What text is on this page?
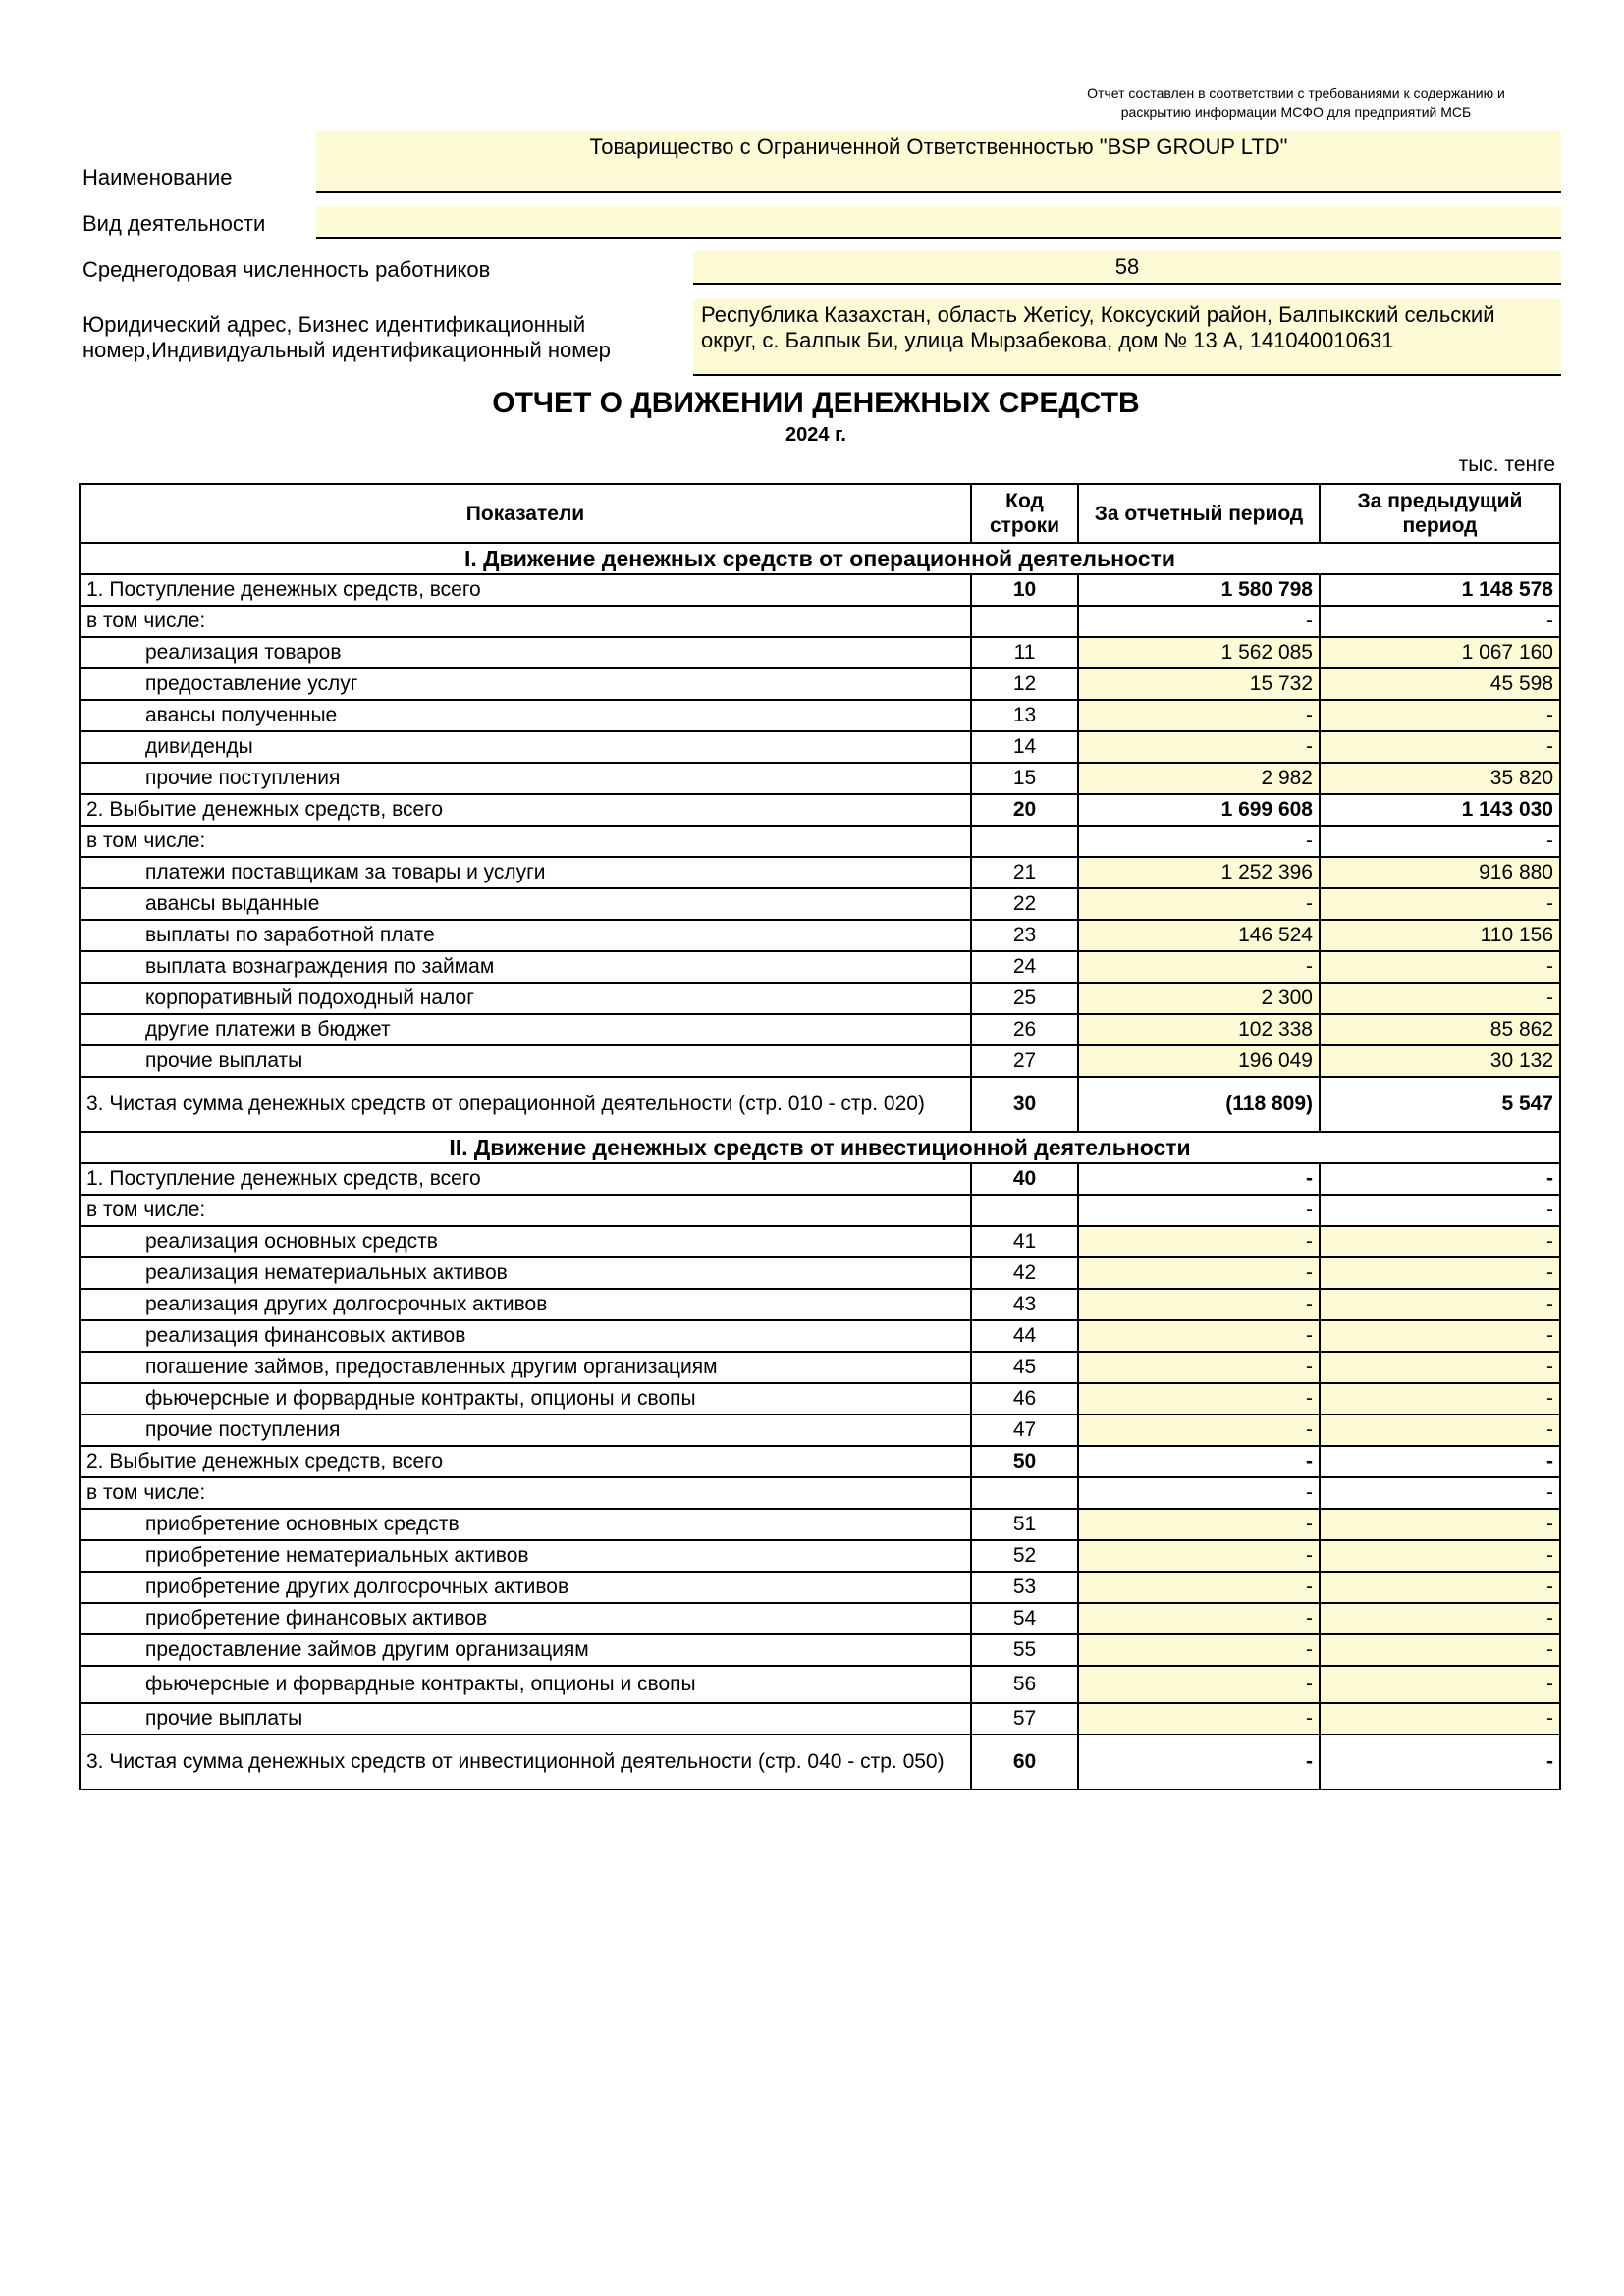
Отчет составлен в соответствии с требованиями к содержанию и
раскрытию информации МСФО для предприятий МСБ
Наименование
Товарищество с Ограниченной Ответственностью "BSP GROUP LTD"
Вид деятельности
Среднегодовая численность работников	58
Юридический адрес, Бизнес идентификационный
номер,Индивидуальный идентификационный номер
Республика Казахстан, область Жетісу, Коксуский район, Балпыкский сельский
округ, с. Балпык Би, улица Мырзабекова, дом № 13 А, 141040010631
ОТЧЕТ О ДВИЖЕНИИ ДЕНЕЖНЫХ СРЕДСТВ
2024 г.
тыс. тенге
Показатели	Код строки	За отчетный период	За предыдущий период
I. Движение денежных средств от операционной деятельности			
1. Поступление денежных средств, всего	10	1 580 798	1 148 578
в том числе:		-	-
реализация товаров	11	1 562 085	1 067 160
предоставление услуг	12	15 732	45 598
авансы полученные	13	-	-
дивиденды	14	-	-
прочие поступления	15	2 982	35 820
2. Выбытие денежных средств, всего	20	1 699 608	1 143 030
в том числе:		-	-
платежи поставщикам за товары и услуги	21	1 252 396	916 880
авансы выданные	22	-	-
выплаты по заработной плате	23	146 524	110 156
выплата вознаграждения по займам	24	-	-
корпоративный подоходный налог	25	2 300	-
другие платежи в бюджет	26	102 338	85 862
прочие выплаты	27	196 049	30 132
3. Чистая сумма денежных средств от операционной деятельности (стр. 010 - стр. 020)	30	(118 809)	5 547
II. Движение денежных средств от инвестиционной деятельности			
1. Поступление денежных средств, всего	40	-	-
в том числе:		-	-
реализация основных средств	41	-	-
реализация нематериальных активов	42	-	-
реализация других долгосрочных активов	43	-	-
реализация финансовых активов	44	-	-
погашение займов, предоставленных другим организациям	45	-	-
фьючерсные и форвардные контракты, опционы и свопы	46	-	-
прочие поступления	47	-	-
2. Выбытие денежных средств, всего	50	-	-
в том числе:		-	-
приобретение основных средств	51	-	-
приобретение нематериальных активов	52	-	-
приобретение других долгосрочных активов	53	-	-
приобретение финансовых активов	54	-	-
предоставление займов другим организациям	55	-	-
фьючерсные и форвардные контракты, опционы и свопы	56	-	-
прочие выплаты	57	-	-
3. Чистая сумма денежных средств от инвестиционной деятельности (стр. 040 - стр. 050)	60	-	-
